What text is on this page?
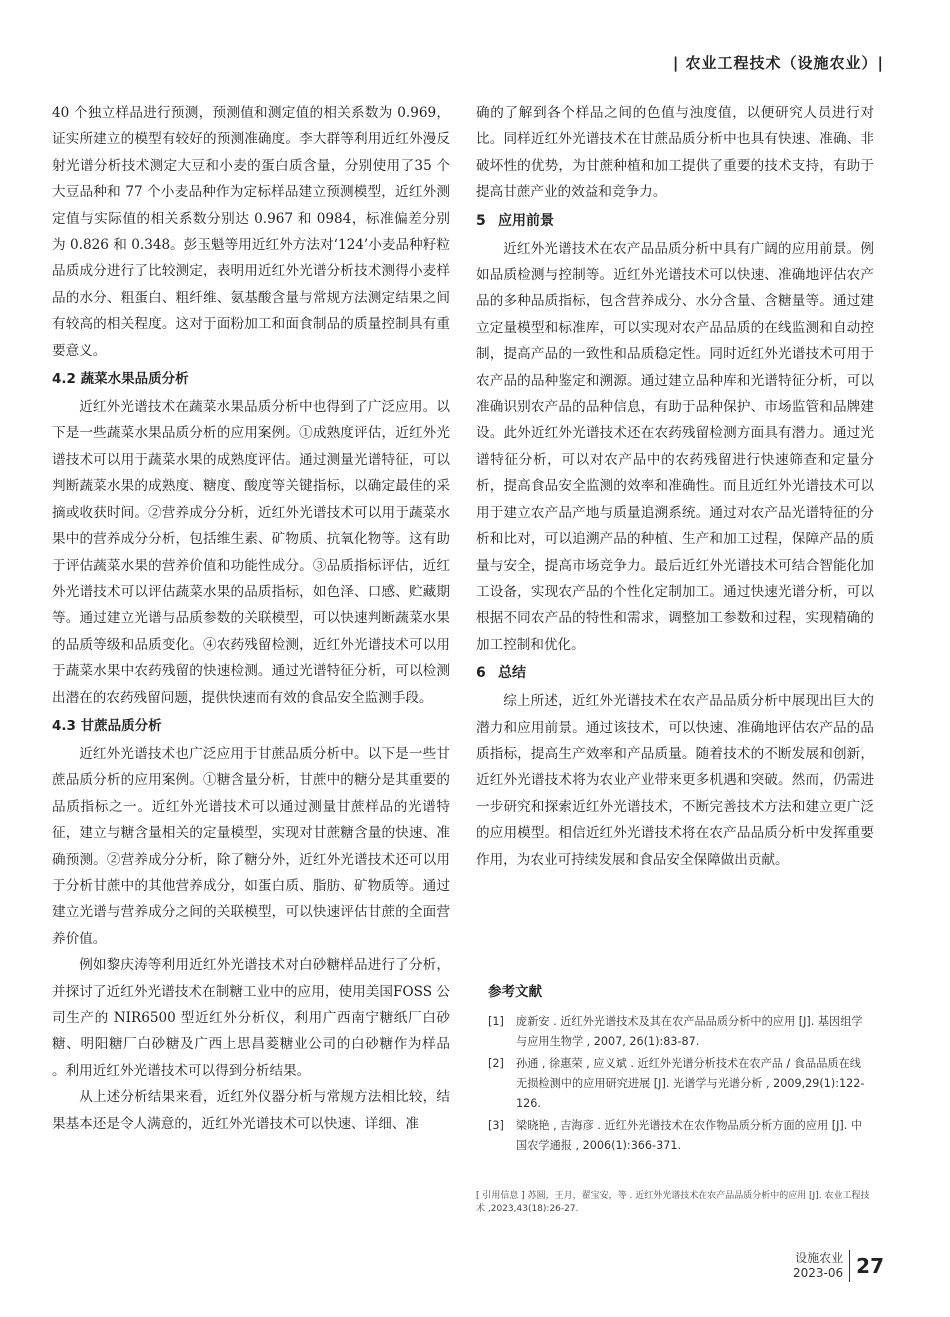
| 农业工程技术（设施农业）|

40 个独立样品进行预测，预测值和测定值的相关系数为 0.969，证实所建立的模型有较好的预测准确度。李大群等利用近红外漫反射光谱分析技术测定大豆和小麦的蛋白质含量，分别使用了35 个大豆品种和 77 个小麦品种作为定标样品建立预测模型，近红外测定值与实际值的相关系数分别达 0.967 和 0984，标准偏差分别为 0.826 和 0.348。彭玉魁等用近红外方法对‘124’小麦品种籽粒品质成分进行了比较测定，表明用近红外光谱分析技术测得小麦样品的水分、粗蛋白、粗纤维、氨基酸含量与常规方法测定结果之间有较高的相关程度。这对于面粉加工和面食制品的质量控制具有重要意义。

4.2 蔬菜水果品质分析

近红外光谱技术在蔬菜水果品质分析中也得到了广泛应用。以下是一些蔬菜水果品质分析的应用案例。①成熟度评估，近红外光谱技术可以用于蔬菜水果的成熟度评估。通过测量光谱特征，可以判断蔬菜水果的成熟度、糖度、酸度等关键指标，以确定最佳的采摘或收获时间。②营养成分分析，近红外光谱技术可以用于蔬菜水果中的营养成分分析，包括维生素、矿物质、抗氧化物等。这有助于评估蔬菜水果的营养价值和功能性成分。③品质指标评估，近红外光谱技术可以评估蔬菜水果的品质指标，如色泽、口感、贮藏期等。通过建立光谱与品质参数的关联模型，可以快速判断蔬菜水果的品质等级和品质变化。④农药残留检测，近红外光谱技术可以用于蔬菜水果中农药残留的快速检测。通过光谱特征分析，可以检测出潜在的农药残留问题，提供快速而有效的食品安全监测手段。

4.3 甘蔗品质分析

近红外光谱技术也广泛应用于甘蔗品质分析中。以下是一些甘蔗品质分析的应用案例。①糖含量分析，甘蔗中的糖分是其重要的品质指标之一。近红外光谱技术可以通过测量甘蔗样品的光谱特征，建立与糖含量相关的定量模型，实现对甘蔗糖含量的快速、准确预测。②营养成分分析，除了糖分外，近红外光谱技术还可以用于分析甘蔗中的其他营养成分，如蛋白质、脂肪、矿物质等。通过建立光谱与营养成分之间的关联模型，可以快速评估甘蔗的全面营养价值。

例如黎庆涛等利用近红外光谱技术对白砂糖样品进行了分析，并探讨了近红外光谱技术在制糖工业中的应用，使用美国FOSS 公司生产的 NIR6500 型近红外分析仪，利用广西南宁糖纸厂白砂糖、明阳糖厂白砂糖及广西上思昌菱糖业公司的白砂糖作为样品 。利用近红外光谱技术可以得到分析结果。

从上述分析结果来看，近红外仪器分析与常规方法相比较，结果基本还是令人满意的，近红外光谱技术可以快速、详细、准

确的了解到各个样品之间的色值与浊度值，以便研究人员进行对比。同样近红外光谱技术在甘蔗品质分析中也具有快速、准确、非破坏性的优势，为甘蔗种植和加工提供了重要的技术支持，有助于提高甘蔗产业的效益和竞争力。

5 应用前景

近红外光谱技术在农产品品质分析中具有广阔的应用前景。例如品质检测与控制等。近红外光谱技术可以快速、准确地评估农产品的多种品质指标，包含营养成分、水分含量、含糖量等。通过建立定量模型和标准库，可以实现对农产品品质的在线监测和自动控制，提高产品的一致性和品质稳定性。同时近红外光谱技术可用于农产品的品种鉴定和溯源。通过建立品种库和光谱特征分析，可以准确识别农产品的品种信息，有助于品种保护、市场监管和品牌建设。此外近红外光谱技术还在农药残留检测方面具有潜力。通过光谱特征分析，可以对农产品中的农药残留进行快速筛查和定量分析，提高食品安全监测的效率和准确性。而且近红外光谱技术可以用于建立农产品产地与质量追溯系统。通过对农产品光谱特征的分析和比对，可以追溯产品的种植、生产和加工过程，保障产品的质量与安全，提高市场竞争力。最后近红外光谱技术可结合智能化加工设备，实现农产品的个性化定制加工。通过快速光谱分析，可以根据不同农产品的特性和需求，调整加工参数和过程，实现精确的加工控制和优化。

6 总结

综上所述，近红外光谱技术在农产品品质分析中展现出巨大的潜力和应用前景。通过该技术，可以快速、准确地评估农产品的品质指标，提高生产效率和产品质量。随着技术的不断发展和创新，近红外光谱技术将为农业产业带来更多机遇和突破。然而，仍需进一步研究和探索近红外光谱技术，不断完善技术方法和建立更广泛的应用模型。相信近红外光谱技术将在农产品品质分析中发挥重要作用，为农业可持续发展和食品安全保障做出贡献。

参考文献
[1]	庞新安 . 近红外光谱技术及其在农产品品质分析中的应用 [J]. 基因组学与应用生物学 , 2007, 26(1):83-87.
[2]	孙通 , 徐惠荣 , 应义斌 . 近红外光谱分析技术在农产品 / 食品品质在线无损检测中的应用研究进展 [J]. 光谱学与光谱分析 , 2009,29(1):122-126.
[3]	梁晓艳 , 吉海彦 . 近红外光谱技术在农作物品质分析方面的应用 [J]. 中国农学通报 , 2006(1):366-371.
[ 引用信息 ] 苏圆，王月，翟宝安，等 . 近红外光谱技术在农产品品质分析中的应用 [J]. 农业工程技术 ,2023,43(18):26-27.
设施农业
2023-06 27
